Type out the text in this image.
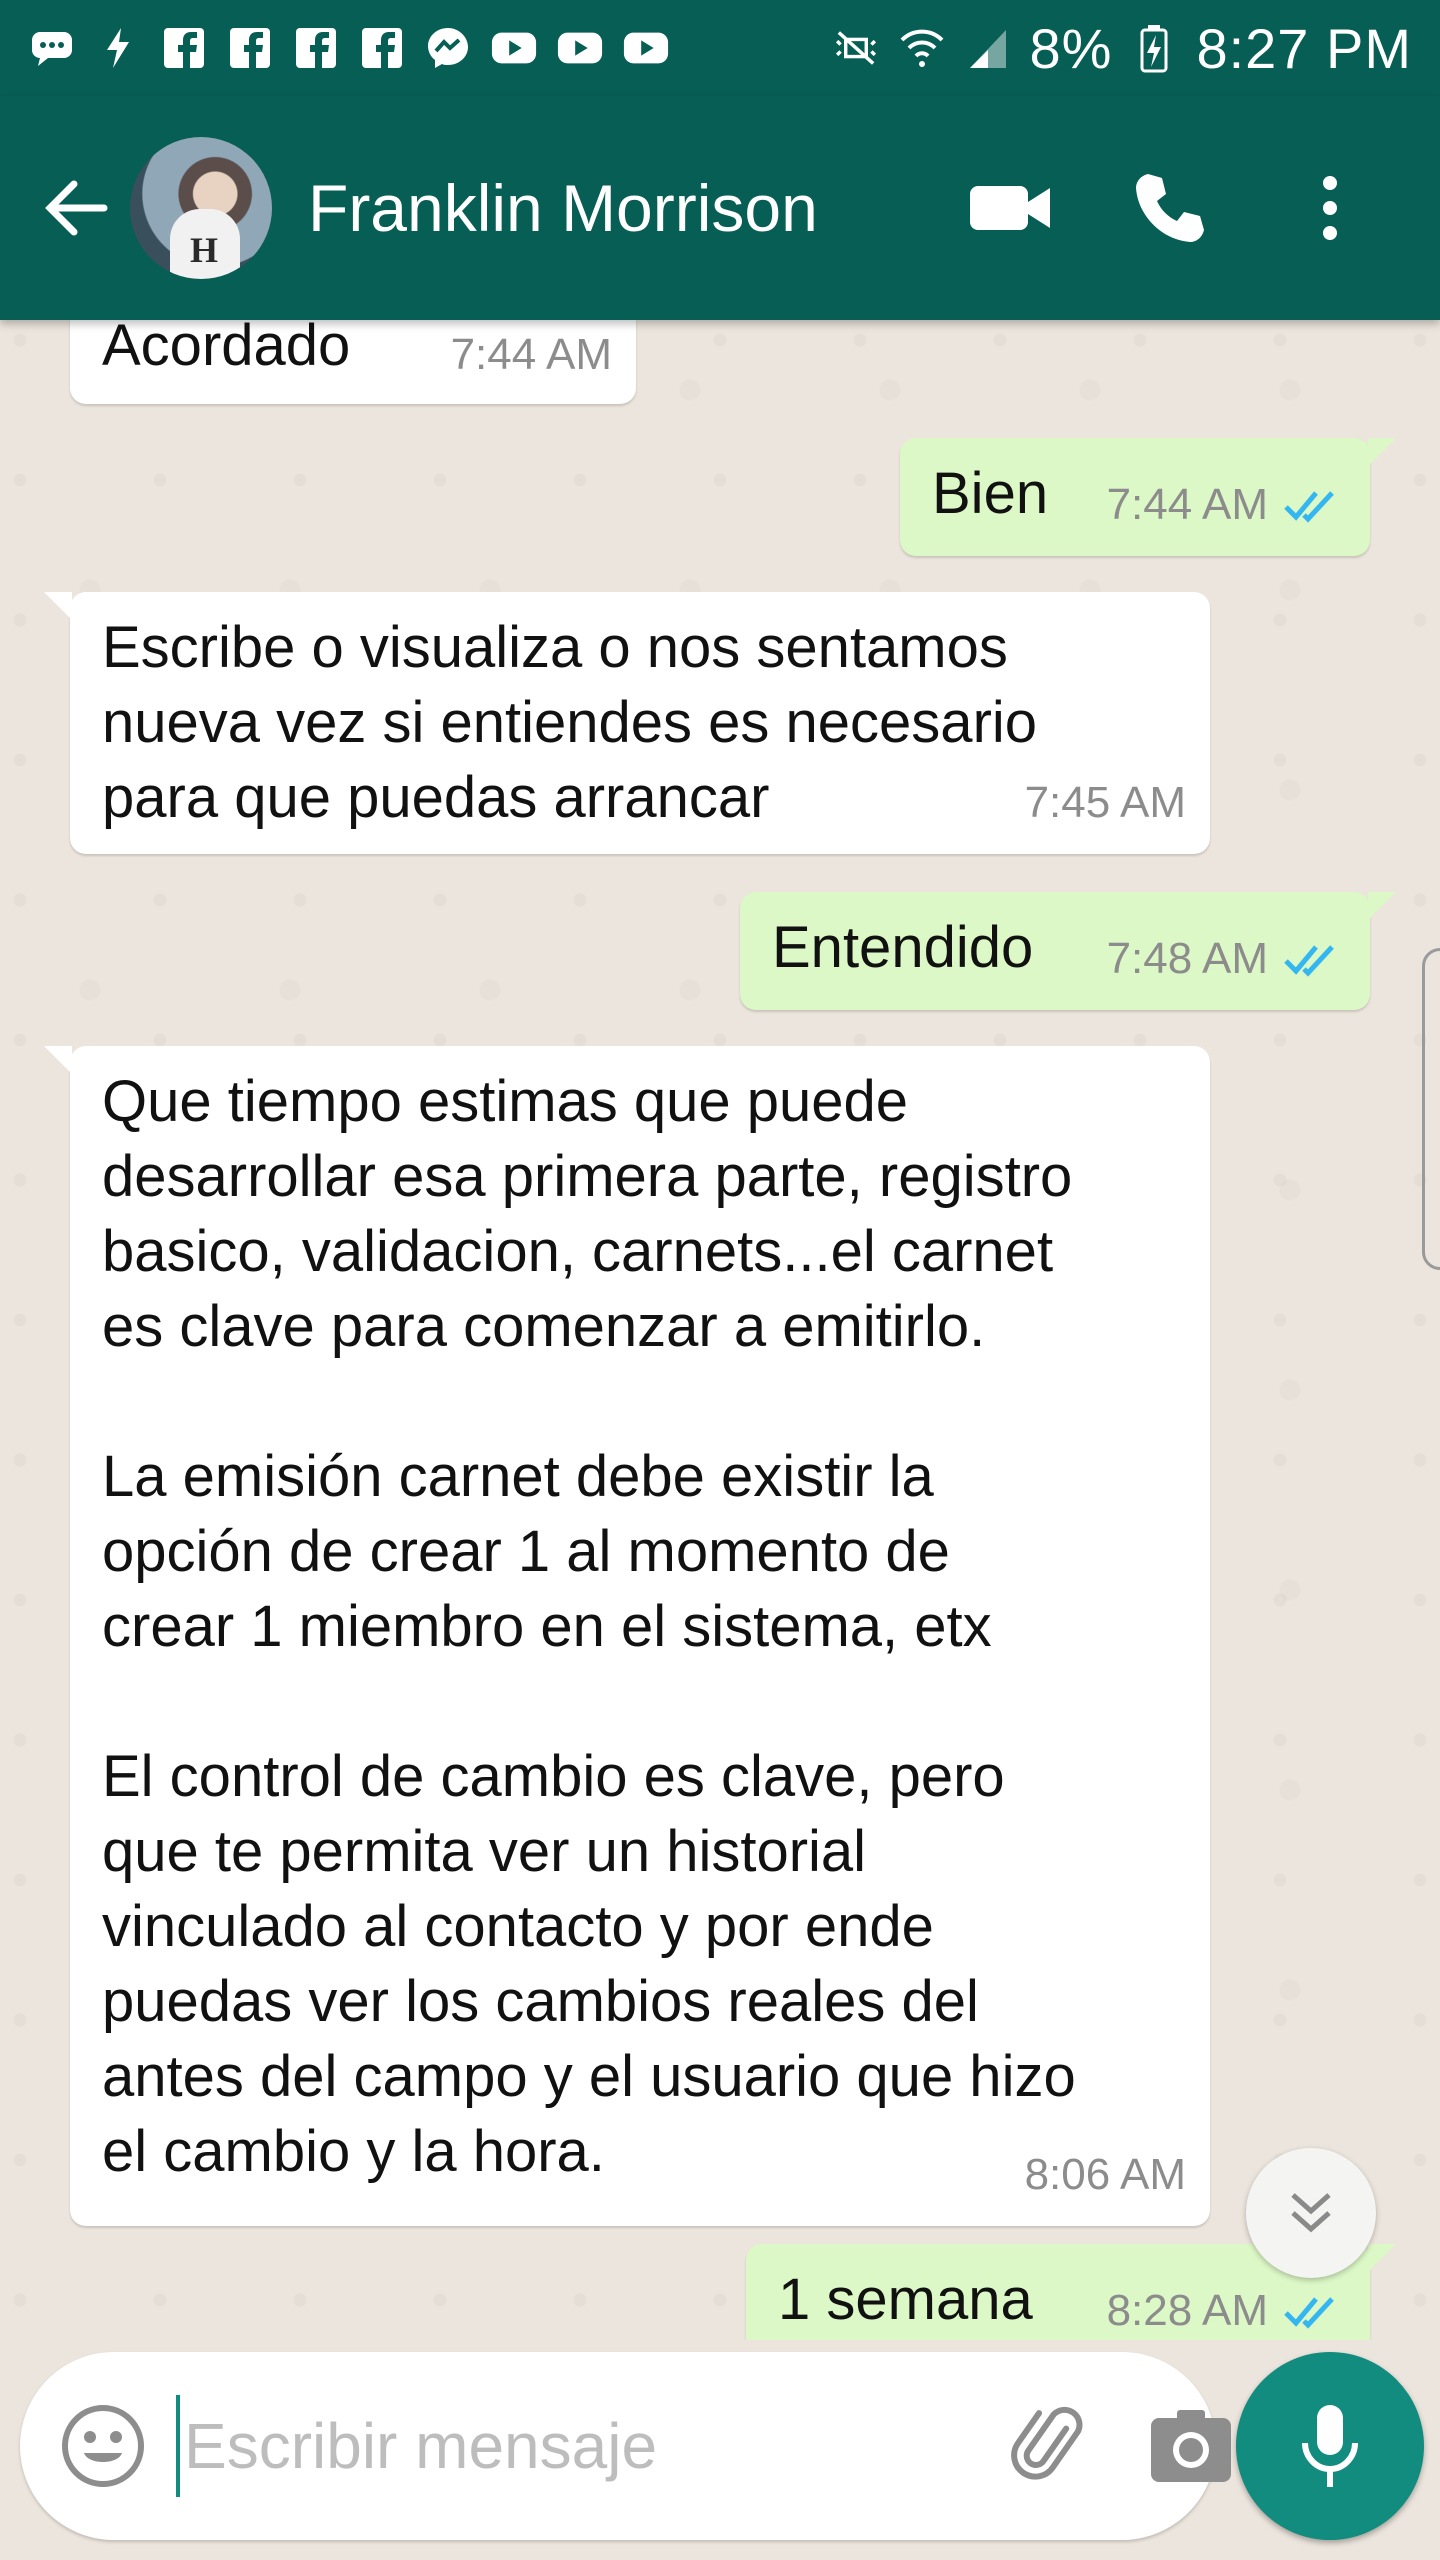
8% 8:27 PM
H
Franklin Morrison
Acordado	7:44 AM
Bien	7:44 AM
Escribe o visualiza o nos sentamos
nueva vez si entiendes es necesario
para que puedas arrancar	7:45 AM
Entendido	7:48 AM
Que tiempo estimas que puede
desarrollar esa primera parte, registro
basico, validacion, carnets...el carnet
es clave para comenzar a emitirlo.

La emisión carnet debe existir la
opción de crear 1 al momento de
crear 1 miembro en el sistema, etx

El control de cambio es clave, pero
que te permita ver un historial
vinculado al contacto y por ende
puedas ver los cambios reales del
antes del campo y el usuario que hizo
el cambio y la hora.	8:06 AM
1 semana	8:28 AM
Escribir mensaje
